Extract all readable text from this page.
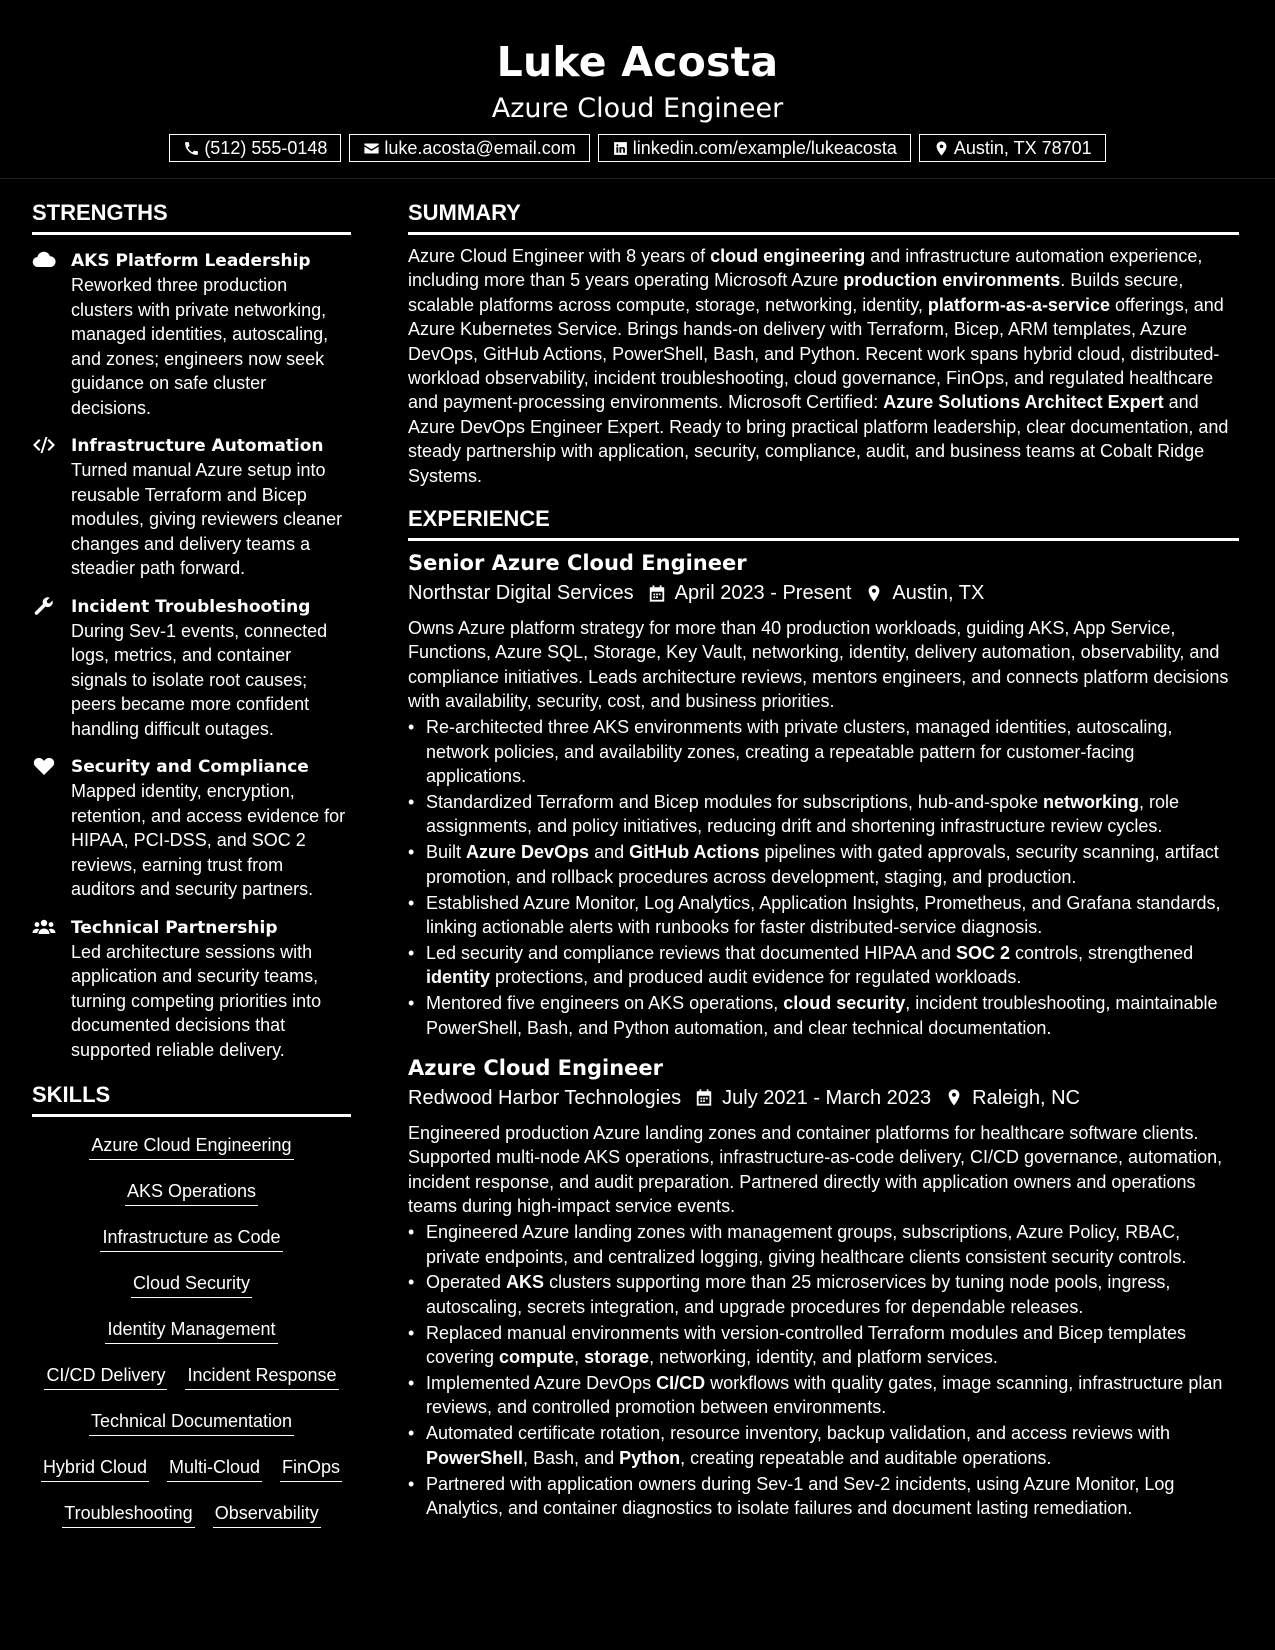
Luke Acosta
Azure Cloud Engineer
(512) 555-0148	luke.acosta@email.com	linkedin.com/example/lukeacosta	Austin, TX 78701
STRENGTHS
AKS Platform Leadership
Reworked three production clusters with private networking, managed identities, autoscaling, and zones; engineers now seek guidance on safe cluster decisions.
Infrastructure Automation
Turned manual Azure setup into reusable Terraform and Bicep modules, giving reviewers cleaner changes and delivery teams a steadier path forward.
Incident Troubleshooting
During Sev-1 events, connected logs, metrics, and container signals to isolate root causes; peers became more confident handling difficult outages.
Security and Compliance
Mapped identity, encryption, retention, and access evidence for HIPAA, PCI-DSS, and SOC 2 reviews, earning trust from auditors and security partners.
Technical Partnership
Led architecture sessions with application and security teams, turning competing priorities into documented decisions that supported reliable delivery.
SKILLS
Azure Cloud Engineering
AKS Operations
Infrastructure as Code
Cloud Security
Identity Management
CI/CD Delivery Incident Response
Technical Documentation
Hybrid Cloud Multi-Cloud FinOps
Troubleshooting Observability
SUMMARY
Azure Cloud Engineer with 8 years of cloud engineering and infrastructure automation experience, including more than 5 years operating Microsoft Azure production environments. Builds secure, scalable platforms across compute, storage, networking, identity, platform-as-a-service offerings, and Azure Kubernetes Service. Brings hands-on delivery with Terraform, Bicep, ARM templates, Azure DevOps, GitHub Actions, PowerShell, Bash, and Python. Recent work spans hybrid cloud, distributed-workload observability, incident troubleshooting, cloud governance, FinOps, and regulated healthcare and payment-processing environments. Microsoft Certified: Azure Solutions Architect Expert and Azure DevOps Engineer Expert. Ready to bring practical platform leadership, clear documentation, and steady partnership with application, security, compliance, audit, and business teams at Cobalt Ridge Systems.
EXPERIENCE
Senior Azure Cloud Engineer
Northstar Digital Services April 2023 - Present Austin, TX
Owns Azure platform strategy for more than 40 production workloads, guiding AKS, App Service, Functions, Azure SQL, Storage, Key Vault, networking, identity, delivery automation, observability, and compliance initiatives. Leads architecture reviews, mentors engineers, and connects platform decisions with availability, security, cost, and business priorities.
• Re-architected three AKS environments with private clusters, managed identities, autoscaling, network policies, and availability zones, creating a repeatable pattern for customer-facing applications.
• Standardized Terraform and Bicep modules for subscriptions, hub-and-spoke networking, role assignments, and policy initiatives, reducing drift and shortening infrastructure review cycles.
• Built Azure DevOps and GitHub Actions pipelines with gated approvals, security scanning, artifact promotion, and rollback procedures across development, staging, and production.
• Established Azure Monitor, Log Analytics, Application Insights, Prometheus, and Grafana standards, linking actionable alerts with runbooks for faster distributed-service diagnosis.
• Led security and compliance reviews that documented HIPAA and SOC 2 controls, strengthened identity protections, and produced audit evidence for regulated workloads.
• Mentored five engineers on AKS operations, cloud security, incident troubleshooting, maintainable PowerShell, Bash, and Python automation, and clear technical documentation.
Azure Cloud Engineer
Redwood Harbor Technologies July 2021 - March 2023 Raleigh, NC
Engineered production Azure landing zones and container platforms for healthcare software clients. Supported multi-node AKS operations, infrastructure-as-code delivery, CI/CD governance, automation, incident response, and audit preparation. Partnered directly with application owners and operations teams during high-impact service events.
• Engineered Azure landing zones with management groups, subscriptions, Azure Policy, RBAC, private endpoints, and centralized logging, giving healthcare clients consistent security controls.
• Operated AKS clusters supporting more than 25 microservices by tuning node pools, ingress, autoscaling, secrets integration, and upgrade procedures for dependable releases.
• Replaced manual environments with version-controlled Terraform modules and Bicep templates covering compute, storage, networking, identity, and platform services.
• Implemented Azure DevOps CI/CD workflows with quality gates, image scanning, infrastructure plan reviews, and controlled promotion between environments.
• Automated certificate rotation, resource inventory, backup validation, and access reviews with PowerShell, Bash, and Python, creating repeatable and auditable operations.
• Partnered with application owners during Sev-1 and Sev-2 incidents, using Azure Monitor, Log Analytics, and container diagnostics to isolate failures and document lasting remediation.
